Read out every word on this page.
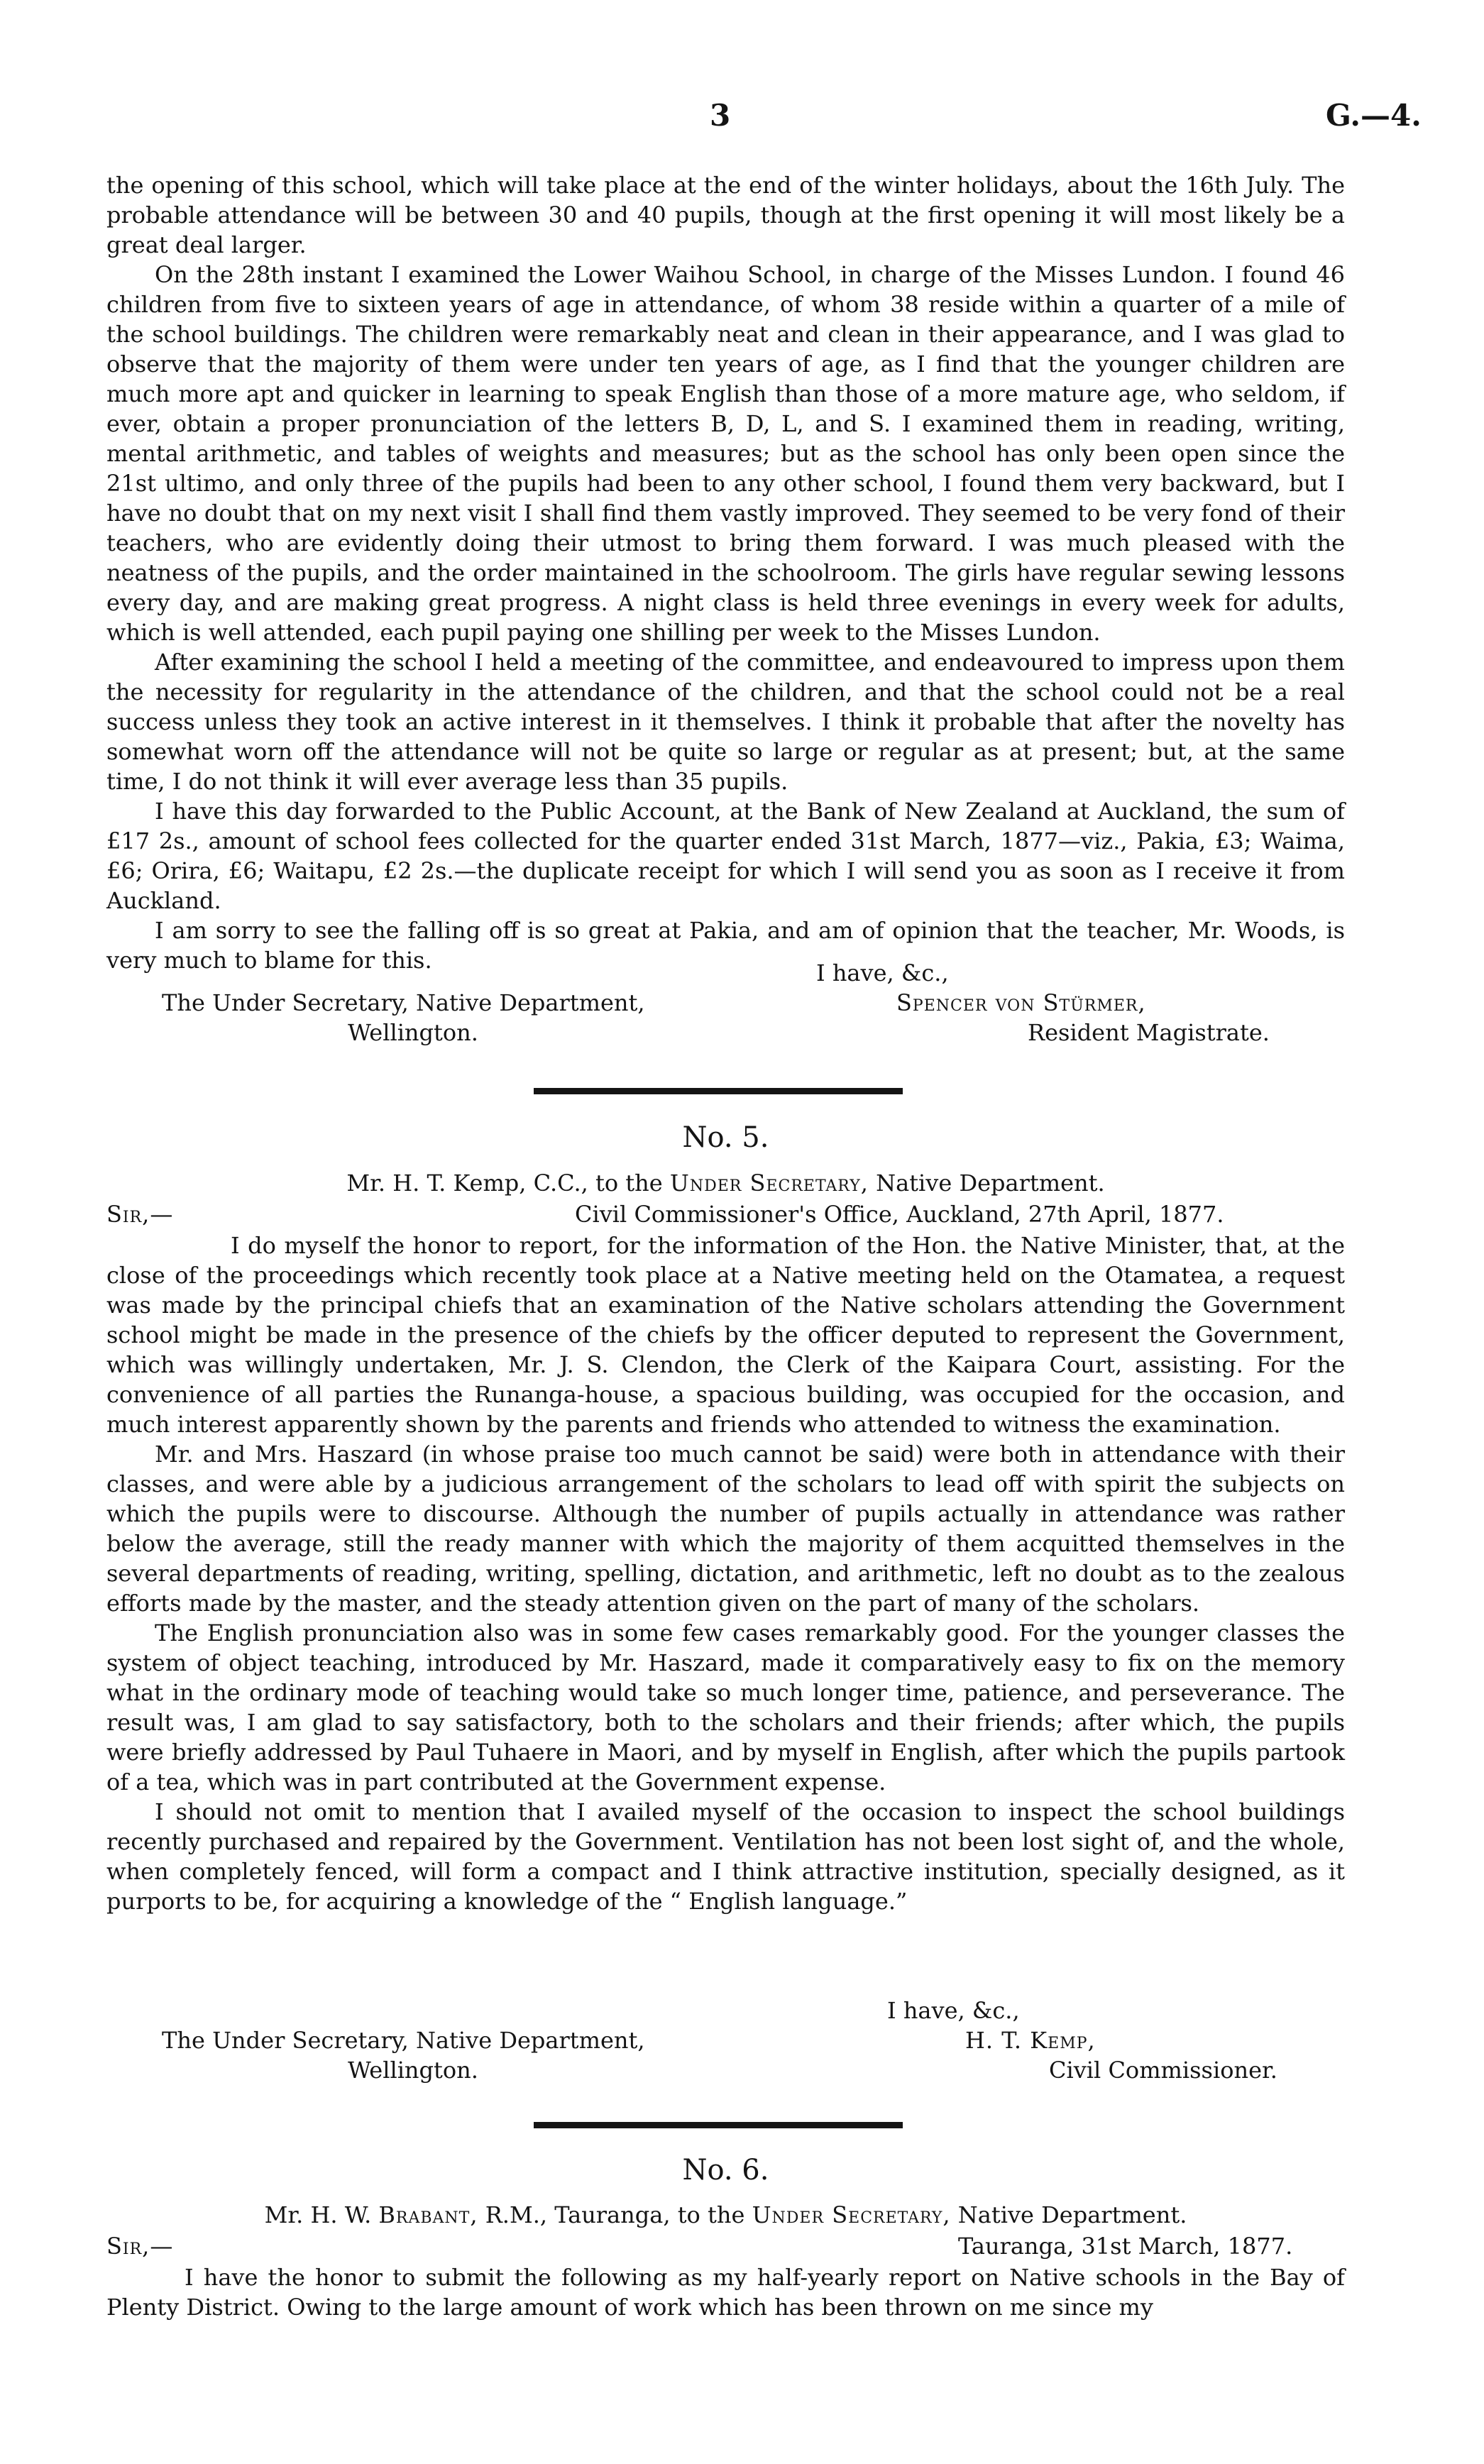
3	G.—4.

the opening of this school, which will take place at the end of the winter holidays, about the 16th July. The probable attendance will be between 30 and 40 pupils, though at the first opening it will most likely be a great deal larger.

On the 28th instant I examined the Lower Waihou School, in charge of the Misses Lundon. I found 46 children from five to sixteen years of age in attendance, of whom 38 reside within a quarter of a mile of the school buildings. The children were remarkably neat and clean in their appearance, and I was glad to observe that the majority of them were under ten years of age, as I find that the younger children are much more apt and quicker in learning to speak English than those of a more mature age, who seldom, if ever, obtain a proper pronunciation of the letters B, D, L, and S. I examined them in reading, writing, mental arithmetic, and tables of weights and measures; but as the school has only been open since the 21st ultimo, and only three of the pupils had been to any other school, I found them very backward, but I have no doubt that on my next visit I shall find them vastly improved. They seemed to be very fond of their teachers, who are evidently doing their utmost to bring them forward. I was much pleased with the neatness of the pupils, and the order maintained in the schoolroom. The girls have regular sewing lessons every day, and are making great progress. A night class is held three evenings in every week for adults, which is well attended, each pupil paying one shilling per week to the Misses Lundon.

After examining the school I held a meeting of the committee, and endeavoured to impress upon them the necessity for regularity in the attendance of the children, and that the school could not be a real success unless they took an active interest in it themselves. I think it probable that after the novelty has somewhat worn off the attendance will not be quite so large or regular as at present; but, at the same time, I do not think it will ever average less than 35 pupils.

I have this day forwarded to the Public Account, at the Bank of New Zealand at Auckland, the sum of £17 2s., amount of school fees collected for the quarter ended 31st March, 1877—viz., Pakia, £3; Waima, £6; Orira, £6; Waitapu, £2 2s.—the duplicate receipt for which I will send you as soon as I receive it from Auckland.

I am sorry to see the falling off is so great at Pakia, and am of opinion that the teacher, Mr. Woods, is very much to blame for this.	I have, &c.,
The Under Secretary, Native Department,
Wellington.
Spencer von Stürmer,
Resident Magistrate.
No. 5.
Mr. H. T. Kemp, C.C., to the Under Secretary, Native Department.
Sir,—	Civil Commissioner's Office, Auckland, 27th April, 1877.

I do myself the honor to report, for the information of the Hon. the Native Minister, that, at the close of the proceedings which recently took place at a Native meeting held on the Otamatea, a request was made by the principal chiefs that an examination of the Native scholars attending the Government school might be made in the presence of the chiefs by the officer deputed to represent the Government, which was willingly undertaken, Mr. J. S. Clendon, the Clerk of the Kaipara Court, assisting. For the convenience of all parties the Runanga-house, a spacious building, was occupied for the occasion, and much interest apparently shown by the parents and friends who attended to witness the examination.

Mr. and Mrs. Haszard (in whose praise too much cannot be said) were both in attendance with their classes, and were able by a judicious arrangement of the scholars to lead off with spirit the subjects on which the pupils were to discourse. Although the number of pupils actually in attendance was rather below the average, still the ready manner with which the majority of them acquitted themselves in the several departments of reading, writing, spelling, dictation, and arithmetic, left no doubt as to the zealous efforts made by the master, and the steady attention given on the part of many of the scholars.

The English pronunciation also was in some few cases remarkably good. For the younger classes the system of object teaching, introduced by Mr. Haszard, made it comparatively easy to fix on the memory what in the ordinary mode of teaching would take so much longer time, patience, and perseverance. The result was, I am glad to say satisfactory, both to the scholars and their friends; after which, the pupils were briefly addressed by Paul Tuhaere in Maori, and by myself in English, after which the pupils partook of a tea, which was in part contributed at the Government expense.

I should not omit to mention that I availed myself of the occasion to inspect the school buildings recently purchased and repaired by the Government. Ventilation has not been lost sight of, and the whole, when completely fenced, will form a compact and I think attractive institution, specially designed, as it purports to be, for acquiring a knowledge of the “ English language.”

I have, &c.,
The Under Secretary, Native Department,
Wellington.
H. T. Kemp,
Civil Commissioner.
No. 6.
Mr. H. W. Brabant, R.M., Tauranga, to the Under Secretary, Native Department.
Sir,—	Tauranga, 31st March, 1877.

I have the honor to submit the following as my half-yearly report on Native schools in the Bay of Plenty District. Owing to the large amount of work which has been thrown on me since my
